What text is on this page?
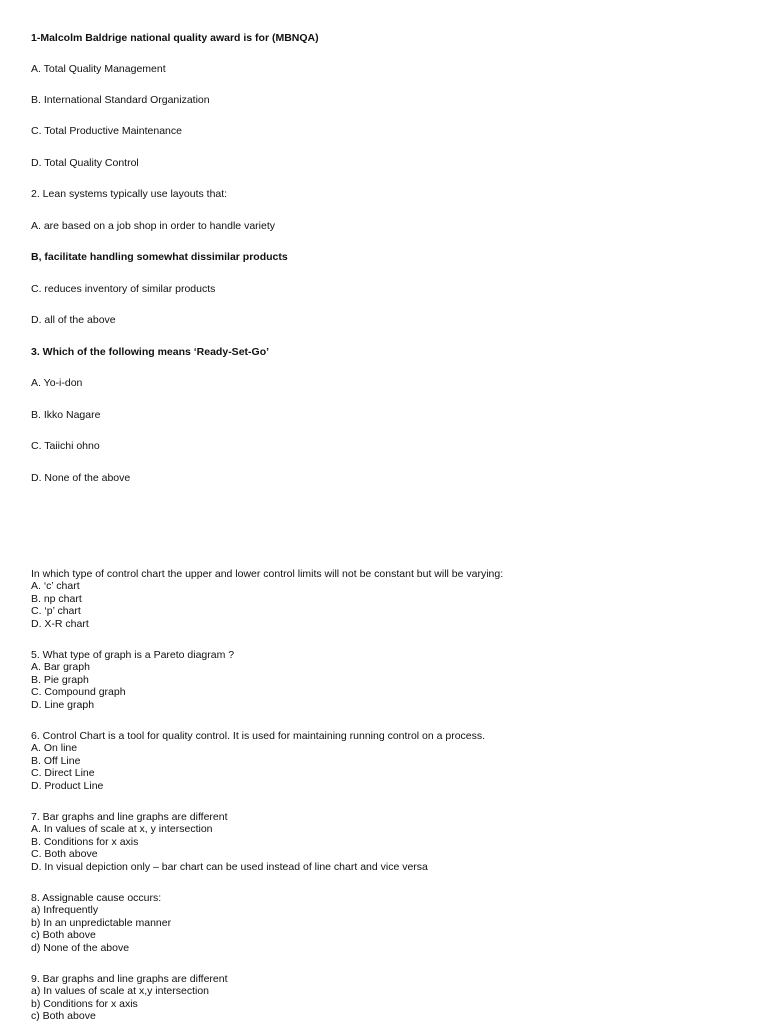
1-Malcolm Baldrige national quality award is for (MBNQA)
A. Total Quality Management
B. International Standard Organization
C. Total Productive Maintenance
D. Total Quality Control
2. Lean systems typically use layouts that:
A. are based on a job shop in order to handle variety
B, facilitate handling somewhat dissimilar products
C. reduces inventory of similar products
D. all of the above
3. Which of the following means ‘Ready-Set-Go’
A. Yo-i-don
B. Ikko Nagare
C. Taiichi ohno
D. None of the above
In which type of control chart the upper and lower control limits will not be constant but will be varying:
A. ‘c’ chart
B. np chart
C. ‘p’ chart
D. X-R chart
5. What type of graph is a Pareto diagram ?
A. Bar graph
B. Pie graph
C. Compound graph
D. Line graph
6. Control Chart is a tool for quality control. It is used for maintaining running control on a process.
A. On line
B. Off Line
C. Direct Line
D. Product Line
7. Bar graphs and line graphs are different
A. In values of scale at x, y intersection
B. Conditions for x axis
C. Both above
D. In visual depiction only – bar chart can be used instead of line chart and vice versa
8. Assignable cause occurs:
a) Infrequently
b) In an unpredictable manner
c) Both above
d) None of the above
9. Bar graphs and line graphs are different
a) In values of scale at x,y intersection
b) Conditions for x axis
c) Both above
